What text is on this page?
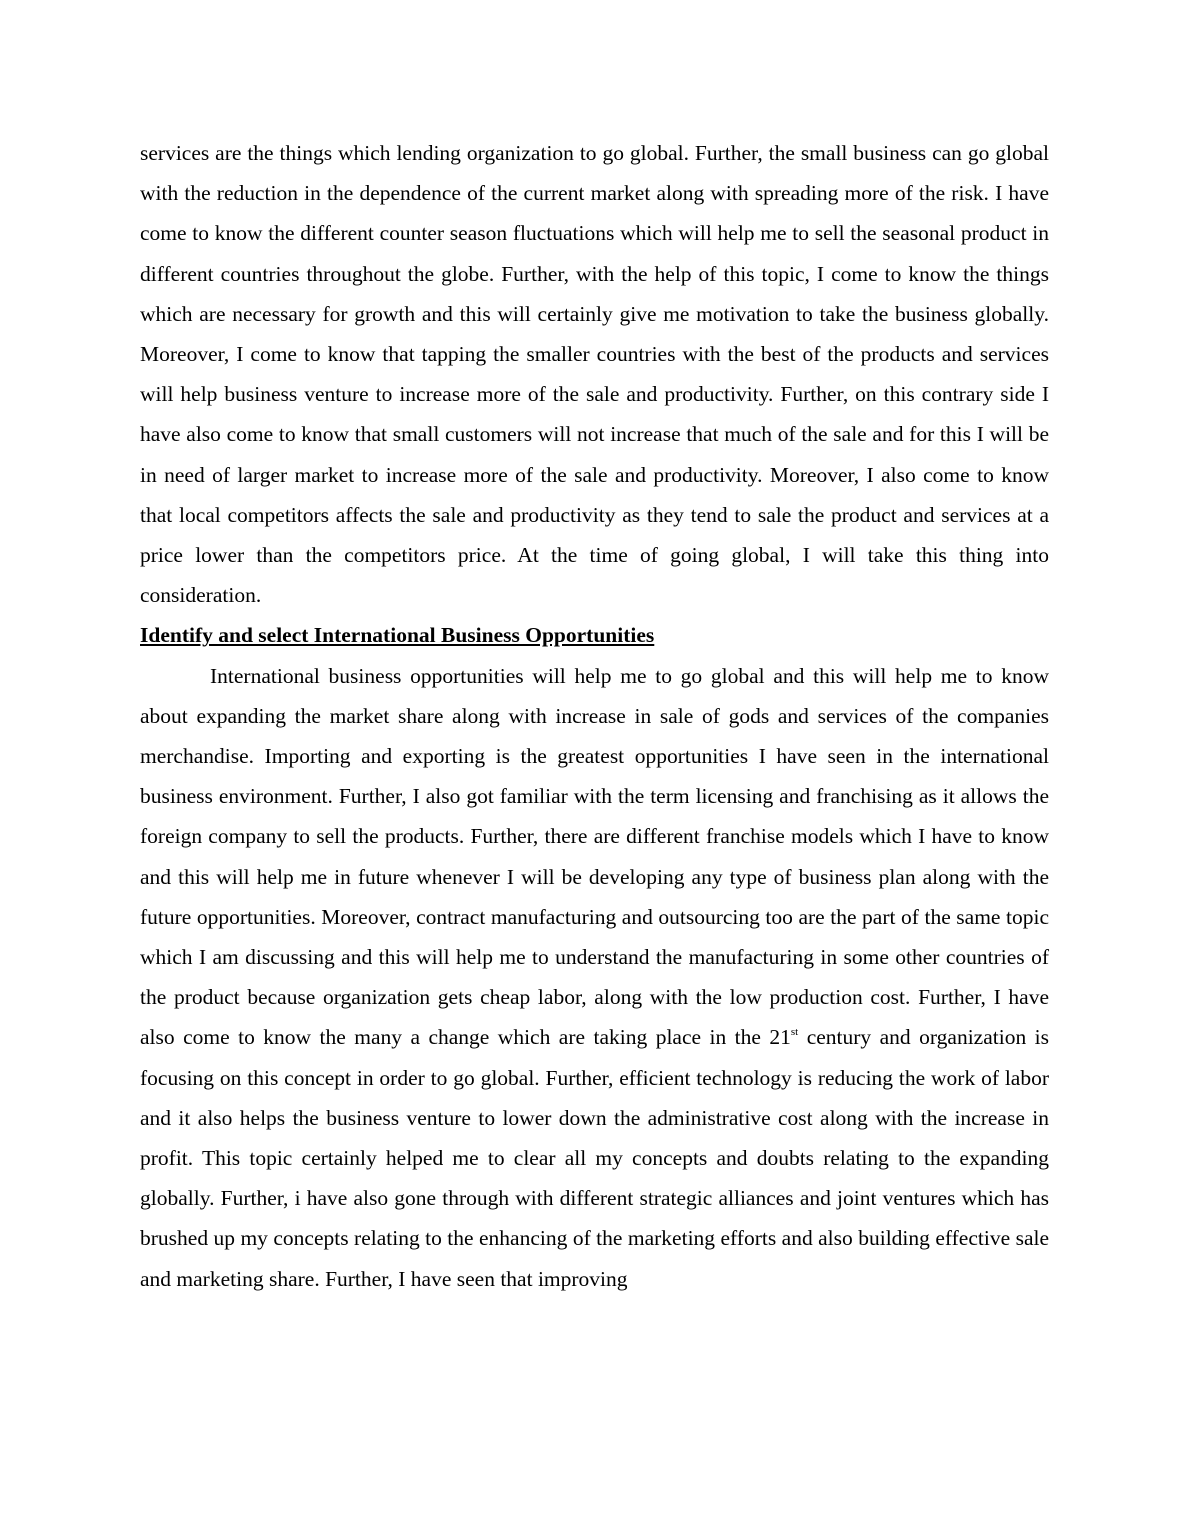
services are the things which lending organization to go global. Further, the small business can go global with the reduction in the dependence of the current market along with spreading more of the risk. I have come to know the different counter season fluctuations which will help me to sell the seasonal product in different countries throughout the globe. Further, with the help of this topic, I come to know the things which are necessary for growth and this will certainly give me motivation to take the business globally. Moreover, I come to know that tapping the smaller countries with the best of the products and services will help business venture to increase more of the sale and productivity. Further, on this contrary side I have also come to know that small customers will not increase that much of the sale and for this I will be in need of larger market to increase more of the sale and productivity. Moreover, I also come to know that local competitors affects the sale and productivity as they tend to sale the product and services at a price lower than the competitors price. At the time of going global, I will take this thing into consideration.

Identify and select International Business Opportunities

International business opportunities will help me to go global and this will help me to know about expanding the market share along with increase in sale of gods and services of the companies merchandise. Importing and exporting is the greatest opportunities I have seen in the international business environment. Further, I also got familiar with the term licensing and franchising as it allows the foreign company to sell the products. Further, there are different franchise models which I have to know and this will help me in future whenever I will be developing any type of business plan along with the future opportunities. Moreover, contract manufacturing and outsourcing too are the part of the same topic which I am discussing and this will help me to understand the manufacturing in some other countries of the product because organization gets cheap labor, along with the low production cost. Further, I have also come to know the many a change which are taking place in the 21st century and organization is focusing on this concept in order to go global. Further, efficient technology is reducing the work of labor and it also helps the business venture to lower down the administrative cost along with the increase in profit. This topic certainly helped me to clear all my concepts and doubts relating to the expanding globally. Further, i have also gone through with different strategic alliances and joint ventures which has brushed up my concepts relating to the enhancing of the marketing efforts and also building effective sale and marketing share. Further, I have seen that improving
